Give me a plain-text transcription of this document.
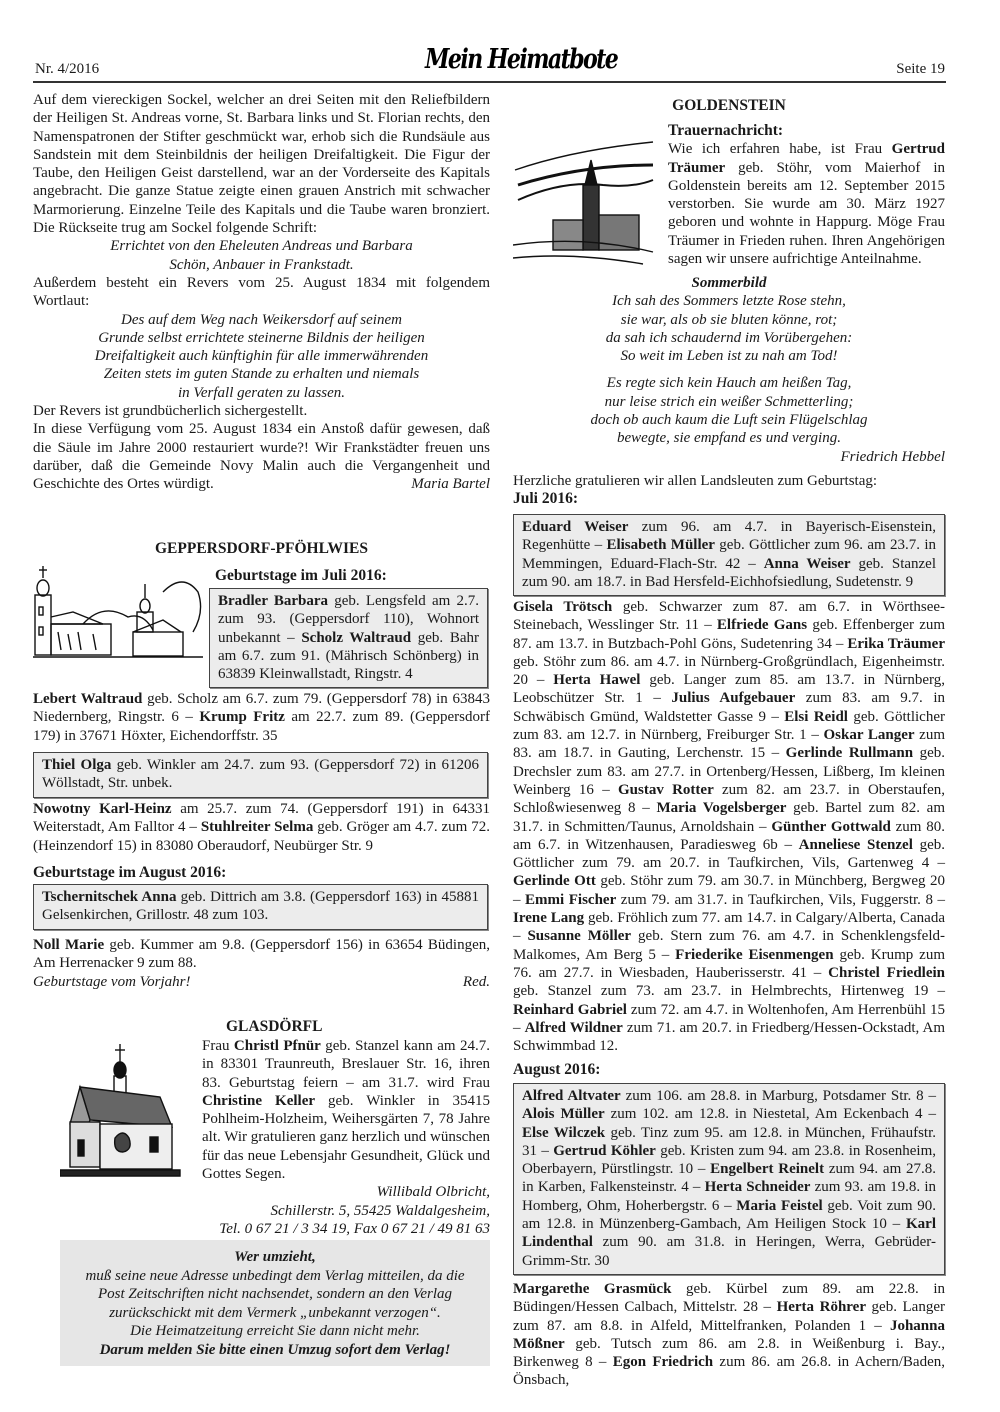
Nr. 4/2016	Mein Heimatbote	Seite 19

Auf dem viereckigen Sockel, welcher an drei Seiten mit den Reliefbildern der Heiligen St. Andreas vorne, St. Barbara links und St. Florian rechts, den Namenspatronen der Stifter geschmückt war, erhob sich die Rundsäule aus Sandstein mit dem Steinbildnis der heiligen Dreifaltigkeit. Die Figur der Taube, den Heiligen Geist darstellend, war an der Vorderseite des Kapitals angebracht. Die ganze Statue zeigte einen grauen Anstrich mit schwacher Marmorierung. Einzelne Teile des Kapitals und die Taube waren bronziert. Die Rückseite trug am Sockel folgende Schrift:

Errichtet von den Eheleuten Andreas und Barbara
Schön, Anbauer in Frankstadt.

Außerdem besteht ein Revers vom 25. August 1834 mit folgendem Wortlaut:

Des auf dem Weg nach Weikersdorf auf seinem
Grunde selbst errichtete steinerne Bildnis der heiligen
Dreifaltigkeit auch künftighin für alle immerwährenden
Zeiten stets im guten Stande zu erhalten und niemals
in Verfall geraten zu lassen.

Der Revers ist grundbücherlich sichergestellt.

In diese Verfügung vom 25. August 1834 ein Anstoß dafür gewesen, daß die Säule im Jahre 2000 restauriert wurde?! Wir Frankstädter freuen uns darüber, daß die Gemeinde Novy Malin auch die Vergangenheit und Geschichte des Ortes würdigt.	Maria Bartel

GEPPERSDORF-PFÖHLWIES
Geburtstage im Juli 2016:
Bradler Barbara geb. Lengsfeld am 2.7. zum 93. (Geppersdorf 110), Wohnort unbekannt – Scholz Waltraud geb. Bahr am 6.7. zum 91. (Mährisch Schönberg) in 63839 Kleinwallstadt, Ringstr. 4
Lebert Waltraud geb. Scholz am 6.7. zum 79. (Geppersdorf 78) in 63843 Niedernberg, Ringstr. 6 – Krump Fritz am 22.7. zum 89. (Geppersdorf 179) in 37671 Höxter, Eichendorffstr. 35
Thiel Olga geb. Winkler am 24.7. zum 93. (Geppersdorf 72) in 61206 Wöllstadt, Str. unbek.
Nowotny Karl-Heinz am 25.7. zum 74. (Geppersdorf 191) in 64331 Weiterstadt, Am Falltor 4 – Stuhlreiter Selma geb. Gröger am 4.7. zum 72. (Heinzendorf 15) in 83080 Oberaudorf, Neubürger Str. 9
Geburtstage im August 2016:
Tschernitschek Anna geb. Dittrich am 3.8. (Geppersdorf 163) in 45881 Gelsenkirchen, Grillostr. 48 zum 103.
Noll Marie geb. Kummer am 9.8. (Geppersdorf 156) in 63654 Büdingen, Am Herrenacker 9 zum 88.
Geburtstage vom Vorjahr!	Red.
GLASDÖRFL
Frau Christl Pfnür geb. Stanzel kann am 24.7. in 83301 Traunreuth, Breslauer Str. 16, ihren 83. Geburtstag feiern – am 31.7. wird Frau Christine Keller geb. Winkler in 35415 Pohlheim-Holzheim, Weihersgärten 7, 78 Jahre alt. Wir gratulieren ganz herzlich und wünschen für das neue Lebensjahr Gesundheit, Glück und Gottes Segen.
Willibald Olbricht,
Schillerstr. 5, 55425 Waldalgesheim,
Tel. 0 67 21 / 3 34 19, Fax 0 67 21 / 49 81 63
Wer umzieht,
muß seine neue Adresse unbedingt dem Verlag mitteilen, da die
Post Zeitschriften nicht nachsendet, sondern an den Verlag
zurückschickt mit dem Vermerk „unbekannt verzogen“.
Die Heimatzeitung erreicht Sie dann nicht mehr.
Darum melden Sie bitte einen Umzug sofort dem Verlag!
GOLDENSTEIN
Trauernachricht:
Wie ich erfahren habe, ist Frau Gertrud Träumer geb. Stöhr, vom Maierhof in Goldenstein bereits am 12. September 2015 verstorben. Sie wurde am 30. März 1927 geboren und wohnte in Happurg. Möge Frau Träumer in Frieden ruhen. Ihren Angehörigen sagen wir unsere aufrichtige Anteilnahme.
Sommerbild
Ich sah des Sommers letzte Rose stehn,
sie war, als ob sie bluten könne, rot;
da sah ich schaudernd im Vorübergehen:
So weit im Leben ist zu nah am Tod!
Es regte sich kein Hauch am heißen Tag,
nur leise strich ein weißer Schmetterling;
doch ob auch kaum die Luft sein Flügelschlag
bewegte, sie empfand es und verging.
Friedrich Hebbel
Herzliche gratulieren wir allen Landsleuten zum Geburtstag:
Juli 2016:
Eduard Weiser zum 96. am 4.7. in Bayerisch-Eisenstein, Regenhütte – Elisabeth Müller geb. Göttlicher zum 96. am 23.7. in Memmingen, Eduard-Flach-Str. 42 – Anna Weiser geb. Stanzel zum 90. am 18.7. in Bad Hersfeld-Eichhofsiedlung, Sudetenstr. 9
Gisela Trötsch geb. Schwarzer zum 87. am 6.7. in Wörthsee-Steinebach, Wesslinger Str. 11 – Elfriede Gans geb. Effenberger zum 87. am 13.7. in Butzbach-Pohl Göns, Sudetenring 34 – Erika Träumer geb. Stöhr zum 86. am 4.7. in Nürnberg-Großgründlach, Eigenheimstr. 20 – Herta Hawel geb. Langer zum 85. am 13.7. in Nürnberg, Leobschützer Str. 1 – Julius Aufgebauer zum 83. am 9.7. in Schwäbisch Gmünd, Waldstetter Gasse 9 – Elsi Reidl geb. Göttlicher zum 83. am 12.7. in Nürnberg, Freiburger Str. 1 – Oskar Langer zum 83. am 18.7. in Gauting, Lerchenstr. 15 – Gerlinde Rullmann geb. Drechsler zum 83. am 27.7. in Ortenberg/Hessen, Lißberg, Im kleinen Weinberg 16 – Gustav Rotter zum 82. am 23.7. in Oberstaufen, Schloßwiesenweg 8 – Maria Vogelsberger geb. Bartel zum 82. am 31.7. in Schmitten/Taunus, Arnoldshain – Günther Gottwald zum 80. am 6.7. in Witzenhausen, Paradiesweg 6b – Anneliese Stenzel geb. Göttlicher zum 79. am 20.7. in Taufkirchen, Vils, Gartenweg 4 – Gerlinde Ott geb. Stöhr zum 79. am 30.7. in Münchberg, Bergweg 20 – Emmi Fischer zum 79. am 31.7. in Taufkirchen, Vils, Fuggerstr. 8 – Irene Lang geb. Fröhlich zum 77. am 14.7. in Calgary/Alberta, Canada – Susanne Möller geb. Stern zum 76. am 4.7. in Schenklengsfeld-Malkomes, Am Berg 5 – Friederike Eisenmengen geb. Krump zum 76. am 27.7. in Wiesbaden, Hauberisserstr. 41 – Christel Friedlein geb. Stanzel zum 73. am 23.7. in Helmbrechts, Hirtenweg 19 – Reinhard Gabriel zum 72. am 4.7. in Woltenhofen, Am Herrenbühl 15 – Alfred Wildner zum 71. am 20.7. in Friedberg/Hessen-Ockstadt, Am Schwimmbad 12.
August 2016:
Alfred Altvater zum 106. am 28.8. in Marburg, Potsdamer Str. 8 – Alois Müller zum 102. am 12.8. in Niestetal, Am Eckenbach 4 – Else Wilczek geb. Tinz zum 95. am 12.8. in München, Frühaufstr. 31 – Gertrud Köhler geb. Kristen zum 94. am 23.8. in Rosenheim, Oberbayern, Pürstlingstr. 10 – Engelbert Reinelt zum 94. am 27.8. in Karben, Falkensteinstr. 4 – Herta Schneider zum 93. am 19.8. in Homberg, Ohm, Hoherbergstr. 6 – Maria Feistel geb. Voit zum 90. am 12.8. in Münzenberg-Gambach, Am Heiligen Stock 10 – Karl Lindenthal zum 90. am 31.8. in Heringen, Werra, Gebrüder-Grimm-Str. 30
Margarethe Grasmück geb. Kürbel zum 89. am 22.8. in Büdingen/Hessen Calbach, Mittelstr. 28 – Herta Röhrer geb. Langer zum 87. am 8.8. in Alfeld, Mittelfranken, Polanden 1 – Johanna Mößner geb. Tutsch zum 86. am 2.8. in Weißenburg i. Bay., Birkenweg 8 – Egon Friedrich zum 86. am 26.8. in Achern/Baden, Önsbach,
